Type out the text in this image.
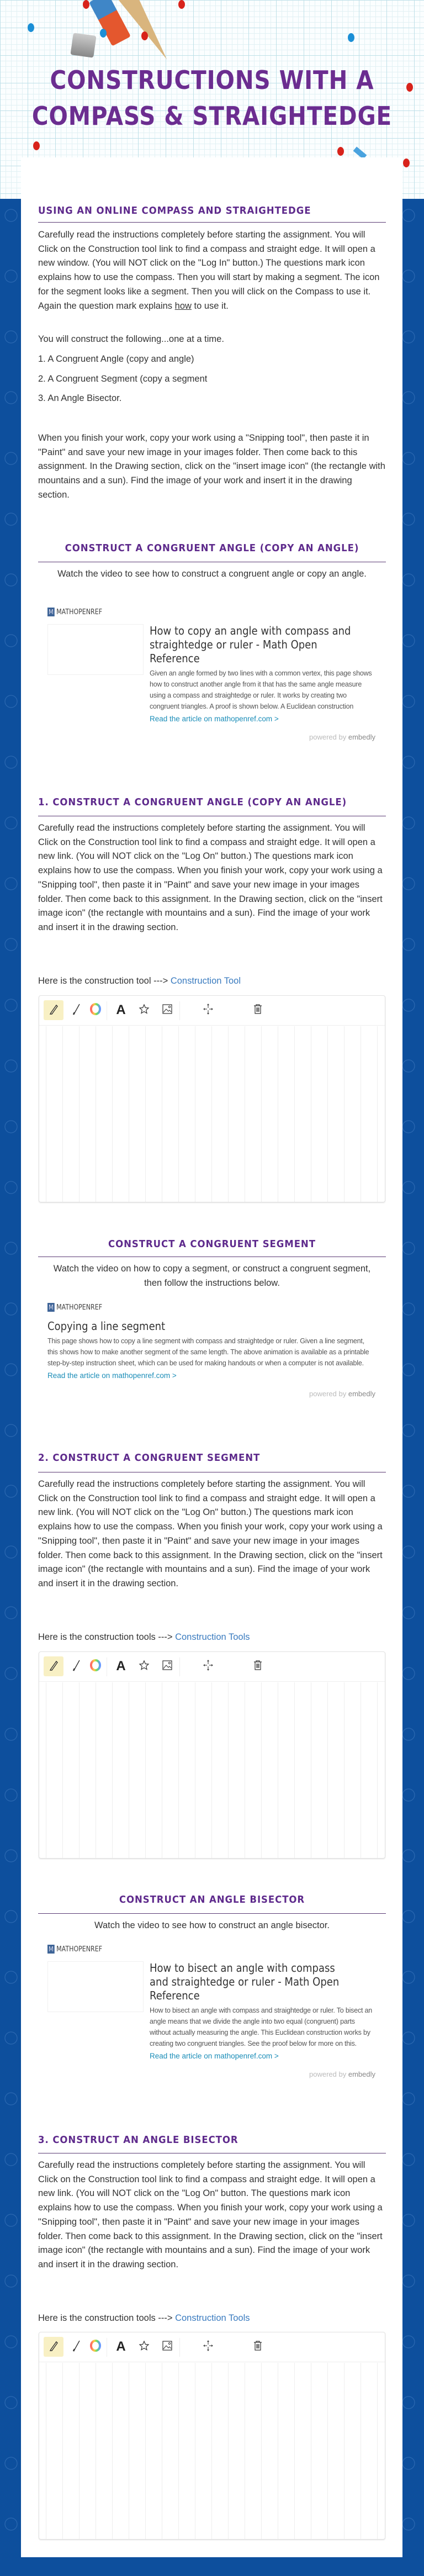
CONSTRUCTIONS WITH A
COMPASS & STRAIGHTEDGE
USING AN ONLINE COMPASS AND STRAIGHTEDGE
Carefully read the instructions completely before starting the assignment. You will Click on the Construction tool link to find a compass and straight edge. It will open a new window. (You will NOT click on the "Log In" button.) The questions mark icon explains how to use the compass. Then you will start by making a segment. The icon for the segment looks like a segment. Then you will click on the Compass to use it. Again the question mark explains how to use it.
You will construct the following...one at a time.
1. A Congruent Angle (copy and angle)
2. A Congruent Segment (copy a segment
3. An Angle Bisector.
When you finish your work, copy your work using a "Snipping tool", then paste it in "Paint" and save your new image in your images folder. Then come back to this assignment. In the Drawing section, click on the "insert image icon" (the rectangle with mountains and a sun). Find the image of your work and insert it in the drawing section.
CONSTRUCT A CONGRUENT ANGLE (COPY AN ANGLE)
Watch the video to see how to construct a congruent angle or copy an angle.
M MATHOPENREF
How to copy an angle with compass and straightedge or ruler - Math Open Reference
Given an angle formed by two lines with a common vertex, this page shows how to construct another angle from it that has the same angle measure using a compass and straightedge or ruler. It works by creating two congruent triangles. A proof is shown below. A Euclidean construction
Read the article on mathopenref.com >
powered by embedly
1. CONSTRUCT A CONGRUENT ANGLE (COPY AN ANGLE)
Carefully read the instructions completely before starting the assignment. You will Click on the Construction tool link to find a compass and straight edge. It will open a new link. (You will NOT click on the "Log On" button.) The questions mark icon explains how to use the compass. When you finish your work, copy your work using a "Snipping tool", then paste it in "Paint" and save your new image in your images folder. Then come back to this assignment. In the Drawing section, click on the "insert image icon" (the rectangle with mountains and a sun). Find the image of your work and insert it in the drawing section.
Here is the construction tool ---> Construction Tool
A
CONSTRUCT A CONGRUENT SEGMENT
Watch the video on how to copy a segment, or construct a congruent segment, then follow the instructions below.
M MATHOPENREF
Copying a line segment
This page shows how to copy a line segment with compass and straightedge or ruler. Given a line segment, this shows how to make another segment of the same length. The above animation is available as a printable step-by-step instruction sheet, which can be used for making handouts or when a computer is not available.
Read the article on mathopenref.com >
powered by embedly
2. CONSTRUCT A CONGRUENT SEGMENT
Carefully read the instructions completely before starting the assignment. You will Click on the Construction tool link to find a compass and straight edge. It will open a new link. (You will NOT click on the "Log On" button.) The questions mark icon explains how to use the compass. When you finish your work, copy your work using a "Snipping tool", then paste it in "Paint" and save your new image in your images folder. Then come back to this assignment. In the Drawing section, click on the "insert image icon" (the rectangle with mountains and a sun). Find the image of your work and insert it in the drawing section.
Here is the construction tools ---> Construction Tools
A
CONSTRUCT AN ANGLE BISECTOR
Watch the video to see how to construct an angle bisector.
M MATHOPENREF
How to bisect an angle with compass and straightedge or ruler - Math Open Reference
How to bisect an angle with compass and straightedge or ruler. To bisect an angle means that we divide the angle into two equal (congruent) parts without actually measuring the angle. This Euclidean construction works by creating two congruent triangles. See the proof below for more on this.
Read the article on mathopenref.com >
powered by embedly
3. CONSTRUCT AN ANGLE BISECTOR
Carefully read the instructions completely before starting the assignment. You will Click on the Construction tool link to find a compass and straight edge. It will open a new link. (You will NOT click on the "Log On" button. The questions mark icon explains how to use the compass. When you finish your work, copy your work using a "Snipping tool", then paste it in "Paint" and save your new image in your images folder. Then come back to this assignment. In the Drawing section, click on the "insert image icon" (the rectangle with mountains and a sun). Find the image of your work and insert it in the drawing section.
Here is the construction tools ---> Construction Tools
A
